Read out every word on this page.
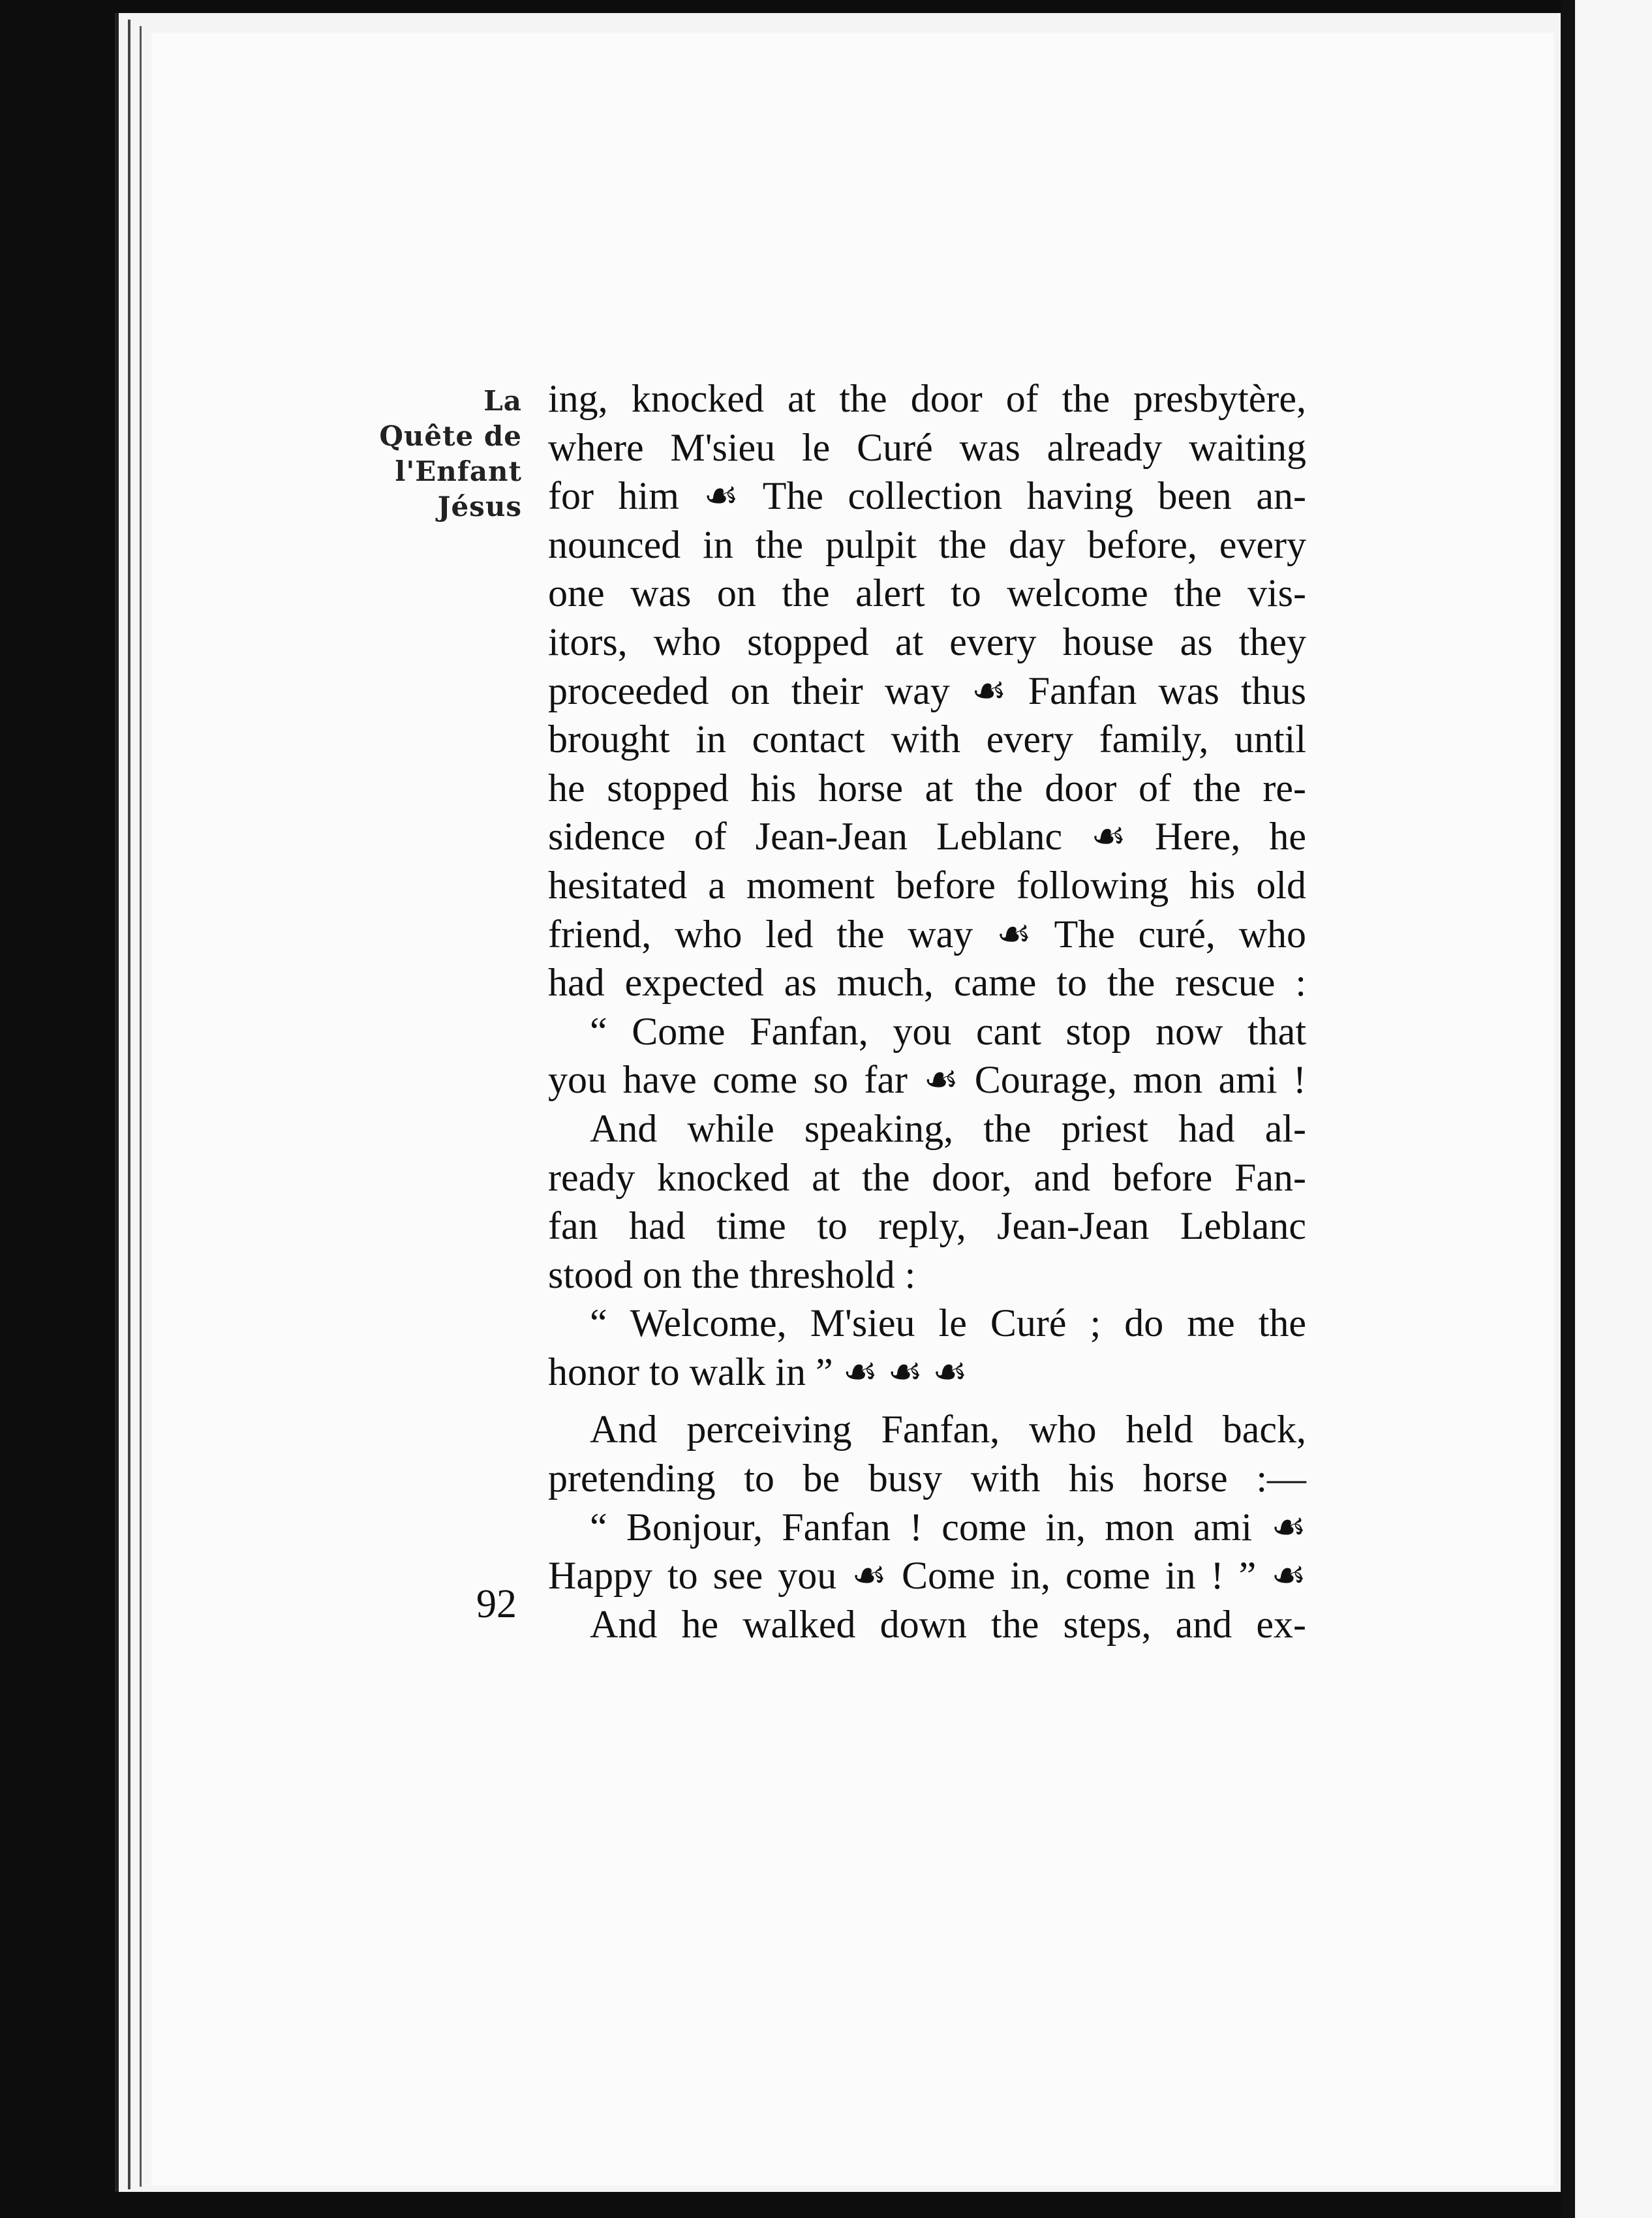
La
Quête de
l'Enfant
Jésus
ing, knocked at the door of the presbytère,
where M'sieu le Curé was already waiting
for him ☙ The collection having been an-
nounced in the pulpit the day before, every
one was on the alert to welcome the vis-
itors, who stopped at every house as they
proceeded on their way ☙ Fanfan was thus
brought in contact with every family, until
he stopped his horse at the door of the re-
sidence of Jean-Jean Leblanc ☙ Here, he
hesitated a moment before following his old
friend, who led the way ☙ The curé, who
had expected as much, came to the rescue :
“ Come Fanfan, you cant stop now that
you have come so far ☙ Courage, mon ami !
And while speaking, the priest had al-
ready knocked at the door, and before Fan-
fan had time to reply, Jean-Jean Leblanc
stood on the threshold :
“ Welcome, M'sieu le Curé ; do me the
honor to walk in ” ☙ ☙ ☙
And perceiving Fanfan, who held back,
pretending to be busy with his horse :—
“ Bonjour, Fanfan ! come in, mon ami ☙
Happy to see you ☙ Come in, come in ! ” ☙
And he walked down the steps, and ex-
92
